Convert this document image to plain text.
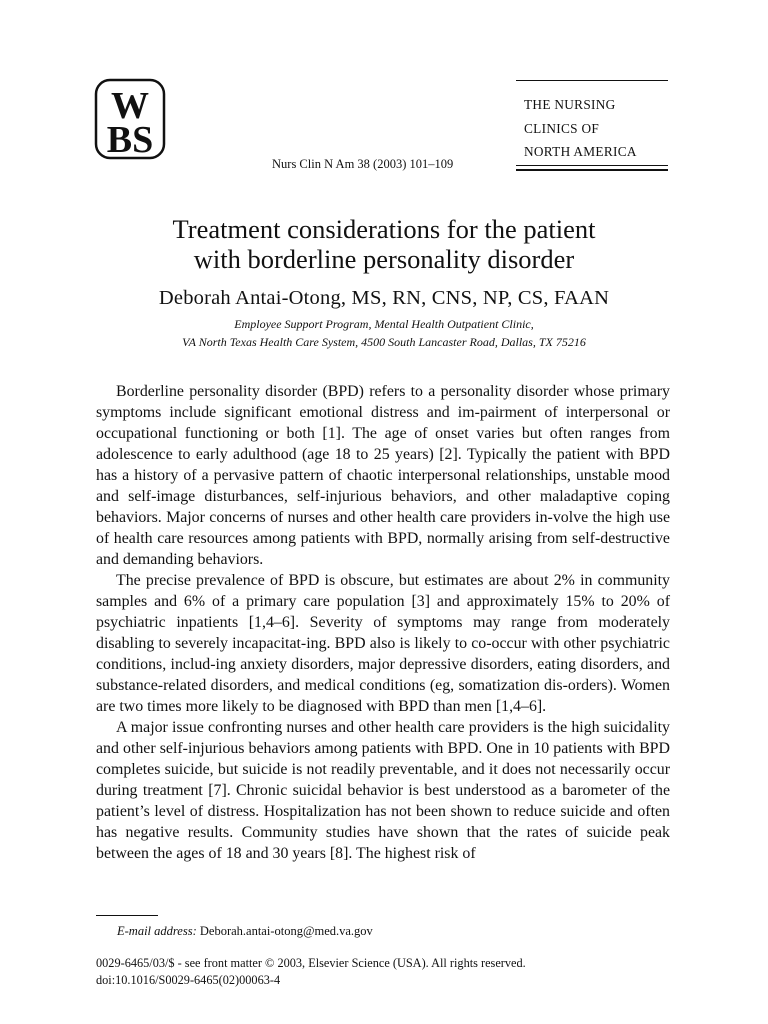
W
BS
THE NURSING
CLINICS OF
NORTH AMERICA
Nurs Clin N Am 38 (2003) 101–109
Treatment considerations for the patient
with borderline personality disorder
Deborah Antai-Otong, MS, RN, CNS, NP, CS, FAAN
Employee Support Program, Mental Health Outpatient Clinic,
VA North Texas Health Care System, 4500 South Lancaster Road, Dallas, TX 75216

Borderline personality disorder (BPD) refers to a personality disorder whose primary symptoms include significant emotional distress and im-pairment of interpersonal or occupational functioning or both [1]. The age of onset varies but often ranges from adolescence to early adulthood (age 18 to 25 years) [2]. Typically the patient with BPD has a history of a pervasive pattern of chaotic interpersonal relationships, unstable mood and self-image disturbances, self-injurious behaviors, and other maladaptive coping behaviors. Major concerns of nurses and other health care providers in-volve the high use of health care resources among patients with BPD, normally arising from self-destructive and demanding behaviors.

The precise prevalence of BPD is obscure, but estimates are about 2% in community samples and 6% of a primary care population [3] and approximately 15% to 20% of psychiatric inpatients [1,4–6]. Severity of symptoms may range from moderately disabling to severely incapacitat-ing. BPD also is likely to co-occur with other psychiatric conditions, includ-ing anxiety disorders, major depressive disorders, eating disorders, and substance-related disorders, and medical conditions (eg, somatization dis-orders). Women are two times more likely to be diagnosed with BPD than men [1,4–6].

A major issue confronting nurses and other health care providers is the high suicidality and other self-injurious behaviors among patients with BPD. One in 10 patients with BPD completes suicide, but suicide is not readily preventable, and it does not necessarily occur during treatment [7]. Chronic suicidal behavior is best understood as a barometer of the patient’s level of distress. Hospitalization has not been shown to reduce suicide and often has negative results. Community studies have shown that the rates of suicide peak between the ages of 18 and 30 years [8]. The highest risk of

E-mail address: Deborah.antai-otong@med.va.gov
0029-6465/03/$ - see front matter © 2003, Elsevier Science (USA). All rights reserved.
doi:10.1016/S0029-6465(02)00063-4
